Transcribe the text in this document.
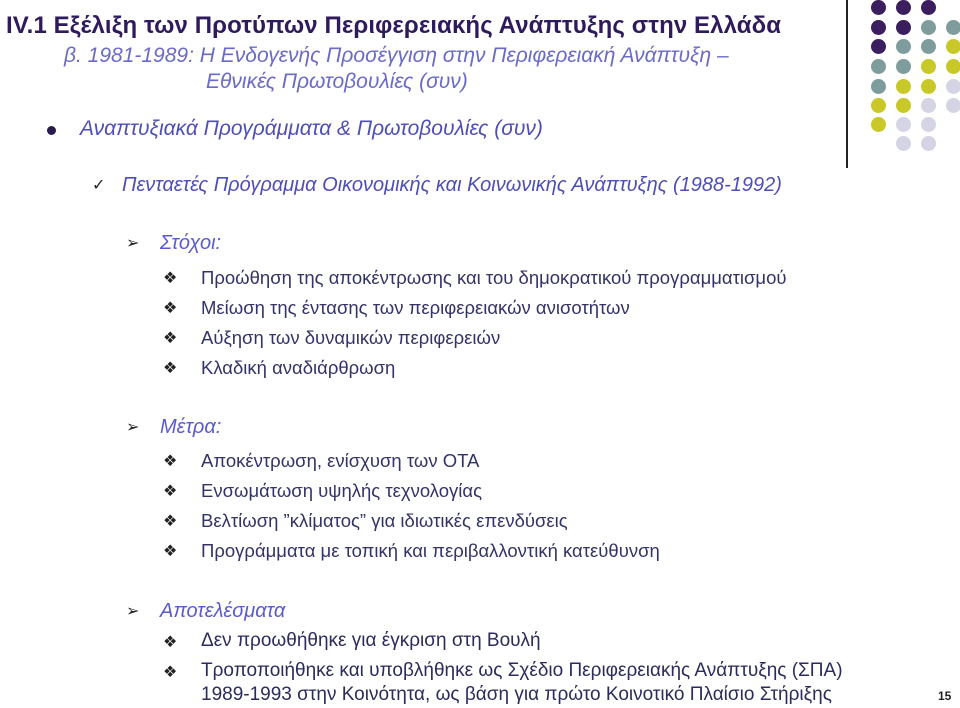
IV.1 Εξέλιξη των Προτύπων Περιφερειακής Ανάπτυξης στην Ελλάδα
β. 1981-1989: Η Ενδογενής Προσέγγιση στην Περιφερειακή Ανάπτυξη –
Εθνικές Πρωτοβουλίες (συν)
Αναπτυξιακά Προγράμματα & Πρωτοβουλίες (συν)
✓ Πενταετές Πρόγραμμα Οικονομικής και Κοινωνικής Ανάπτυξης (1988-1992)
➢ Στόχοι:
❖ Προώθηση της αποκέντρωσης και του δημοκρατικού προγραμματισμού
❖ Μείωση της έντασης των περιφερειακών ανισοτήτων
❖ Αύξηση των δυναμικών περιφερειών
❖ Κλαδική αναδιάρθρωση
➢ Μέτρα:
❖ Αποκέντρωση, ενίσχυση των ΟΤΑ
❖ Ενσωμάτωση υψηλής τεχνολογίας
❖ Βελτίωση ”κλίματος” για ιδιωτικές επενδύσεις
❖ Προγράμματα με τοπική και περιβαλλοντική κατεύθυνση
➢ Αποτελέσματα
❖ Δεν προωθήθηκε για έγκριση στη Βουλή
❖ Τροποποιήθηκε και υποβλήθηκε ως Σχέδιο Περιφερειακής Ανάπτυξης (ΣΠΑ)
1989-1993 στην Κοινότητα, ως βάση για πρώτο Κοινοτικό Πλαίσιο Στήριξης	15
